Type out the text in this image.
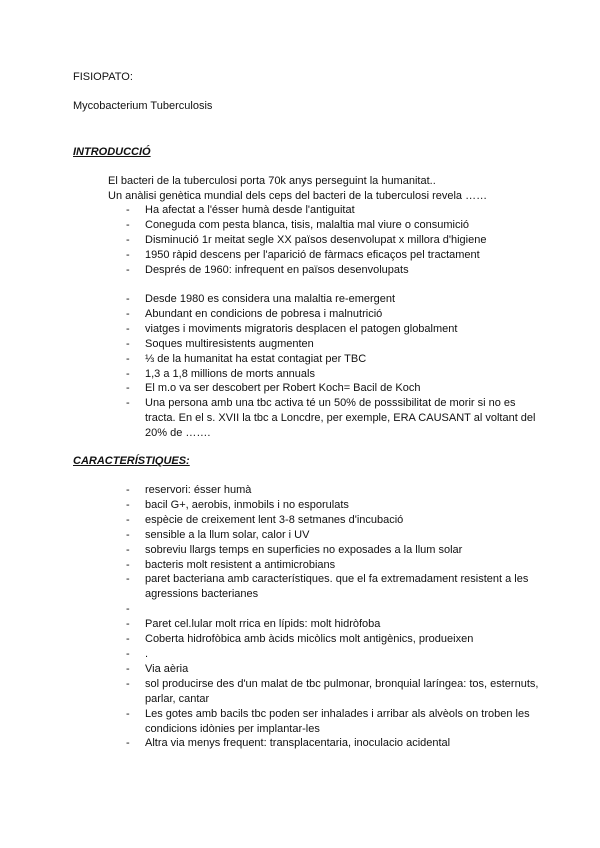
FISIOPATO:
Mycobacterium Tuberculosis
INTRODUCCIÓ
El bacteri de la tuberculosi porta 70k anys perseguint la humanitat..
Un anàlisi genètica mundial dels ceps del bacteri de la tuberculosi revela ……
- Ha afectat a l'ésser humà desde l'antiguitat
- Coneguda com pesta blanca, tisis, malaltia mal viure o consumició
- Disminució 1r meitat segle XX països desenvolupat x millora d'higiene
- 1950 ràpid descens per l'aparició de fàrmacs eficaços pel tractament
- Després de 1960: infrequent en països desenvolupats
- Desde 1980 es considera una malaltia re-emergent
- Abundant en condicions de pobresa i malnutrició
- viatges i moviments migratoris desplacen el patogen globalment
- Soques multiresistents augmenten
- ⅓ de la humanitat ha estat contagiat per TBC
- 1,3 a 1,8 millions de morts annuals
- El m.o va ser descobert per Robert Koch= Bacil de Koch
- Una persona amb una tbc activa té un 50% de posssibilitat de morir si no es tracta. En el s. XVII la tbc a Loncdre, per exemple, ERA CAUSANT al voltant del 20% de …….
CARACTERÍSTIQUES:
- reservori: ésser humà
- bacil G+, aerobis, inmobils i no esporulats
- espècie de creixement lent 3-8 setmanes d'incubació
- sensible a la llum solar, calor i UV
- sobreviu llargs temps en superficies no exposades a la llum solar
- bacteris molt resistent a antimicrobians
- paret bacteriana amb característiques. que el fa extremadament resistent a les agressions bacterianes
-

- Paret cel.lular molt rrica en lípids: molt hidròfoba
- Coberta hidrofòbica amb àcids micòlics molt antigènics, produeixen
- .
- Via aèria
- sol producirse des d'un malat de tbc pulmonar, bronquial laríngea: tos, esternuts, parlar, cantar
- Les gotes amb bacils tbc poden ser inhalades i arribar als alvèols on troben les condicions idònies per implantar-les
- Altra via menys frequent: transplacentaria, inoculacio acidental
